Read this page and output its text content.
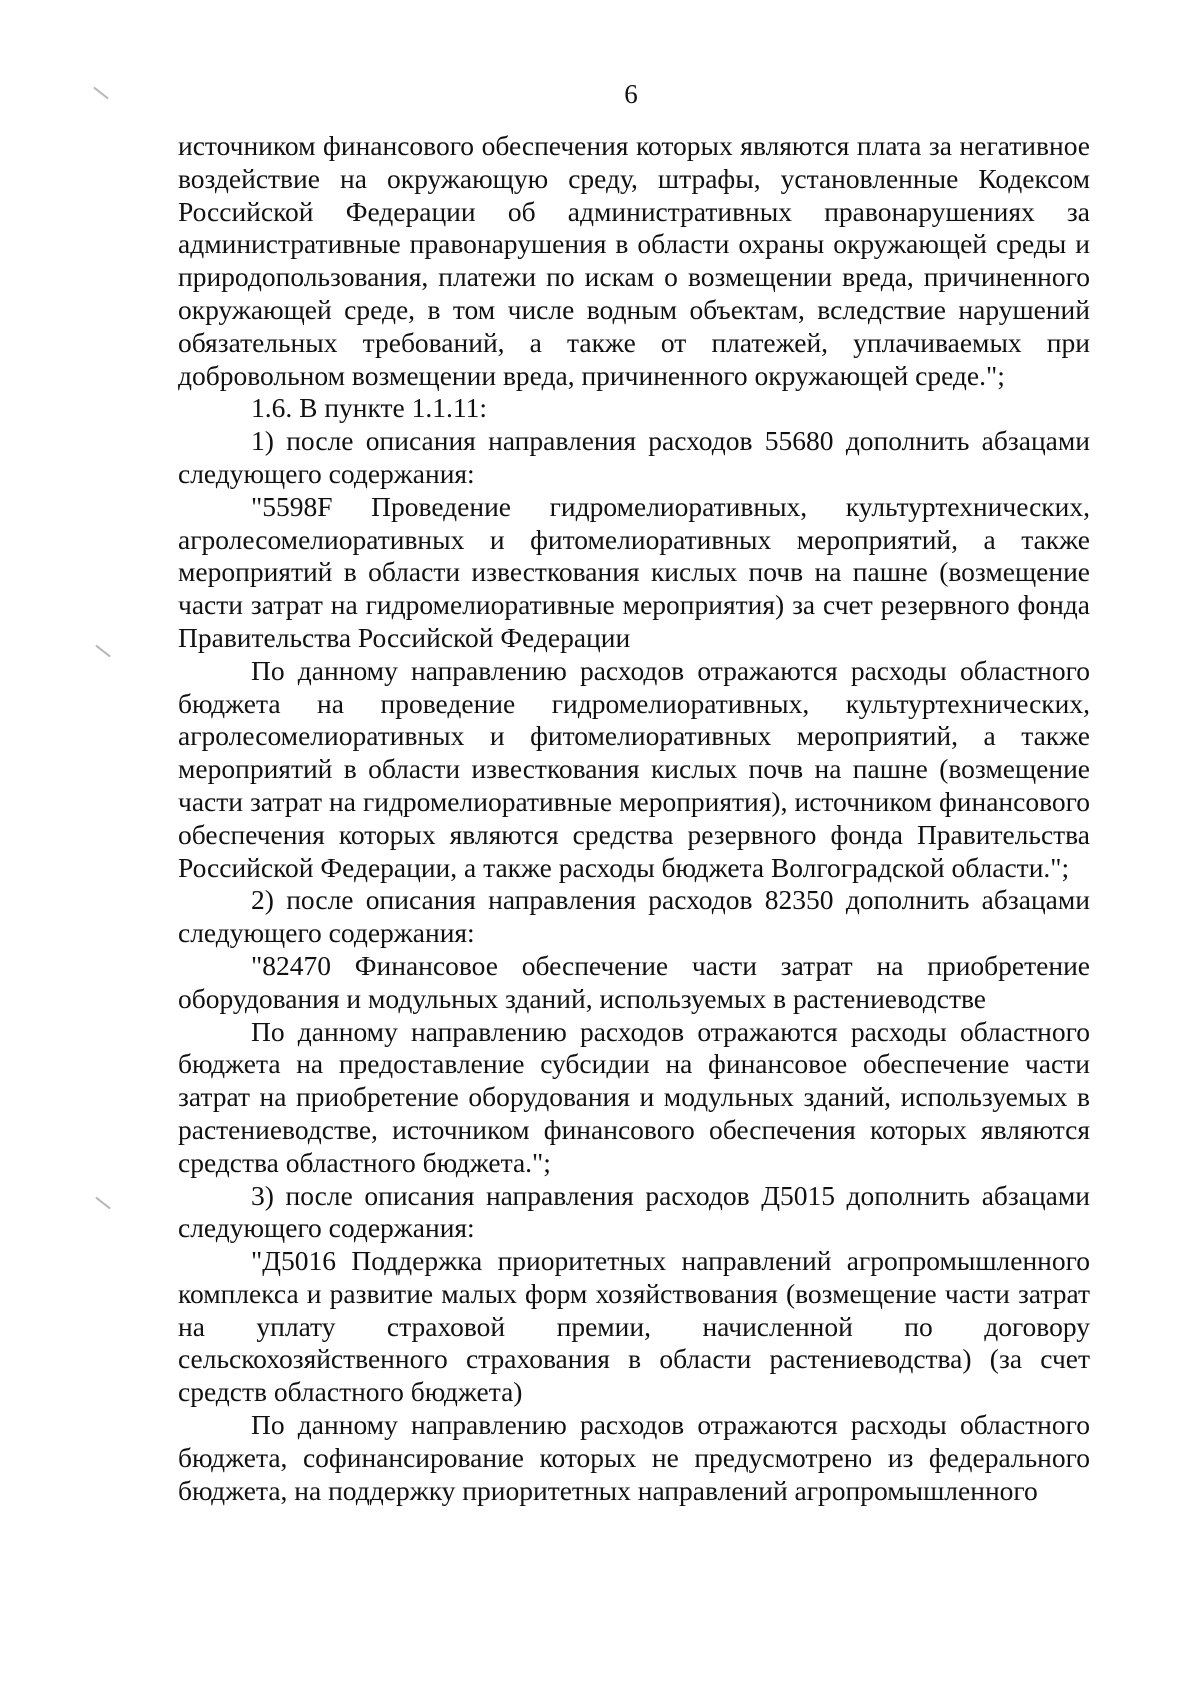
6

источником финансового обеспечения которых являются плата за негативное воздействие на окружающую среду, штрафы, установленные Кодексом Российской Федерации об административных правонарушениях за административные правонарушения в области охраны окружающей среды и природопользования, платежи по искам о возмещении вреда, причиненного окружающей среде, в том числе водным объектам, вследствие нарушений обязательных требований, а также от платежей, уплачиваемых при добровольном возмещении вреда, причиненного окружающей среде.";

1.6. В пункте 1.1.11:

1) после описания направления расходов 55680 дополнить абзацами следующего содержания:

"5598F Проведение гидромелиоративных, культуртехнических, агролесомелиоративных и фитомелиоративных мероприятий, а также мероприятий в области известкования кислых почв на пашне (возмещение части затрат на гидромелиоративные мероприятия) за счет резервного фонда Правительства Российской Федерации

По данному направлению расходов отражаются расходы областного бюджета на проведение гидромелиоративных, культуртехнических, агролесомелиоративных и фитомелиоративных мероприятий, а также мероприятий в области известкования кислых почв на пашне (возмещение части затрат на гидромелиоративные мероприятия), источником финансового обеспечения которых являются средства резервного фонда Правительства Российской Федерации, а также расходы бюджета Волгоградской области.";

2) после описания направления расходов 82350 дополнить абзацами следующего содержания:

"82470 Финансовое обеспечение части затрат на приобретение оборудования и модульных зданий, используемых в растениеводстве

По данному направлению расходов отражаются расходы областного бюджета на предоставление субсидии на финансовое обеспечение части затрат на приобретение оборудования и модульных зданий, используемых в растениеводстве, источником финансового обеспечения которых являются средства областного бюджета.";

3) после описания направления расходов Д5015 дополнить абзацами следующего содержания:

"Д5016 Поддержка приоритетных направлений агропромышленного комплекса и развитие малых форм хозяйствования (возмещение части затрат на уплату страховой премии, начисленной по договору сельскохозяйственного страхования в области растениеводства) (за счет средств областного бюджета)

По данному направлению расходов отражаются расходы областного бюджета, софинансирование которых не предусмотрено из федерального бюджета, на поддержку приоритетных направлений агропромышленного
